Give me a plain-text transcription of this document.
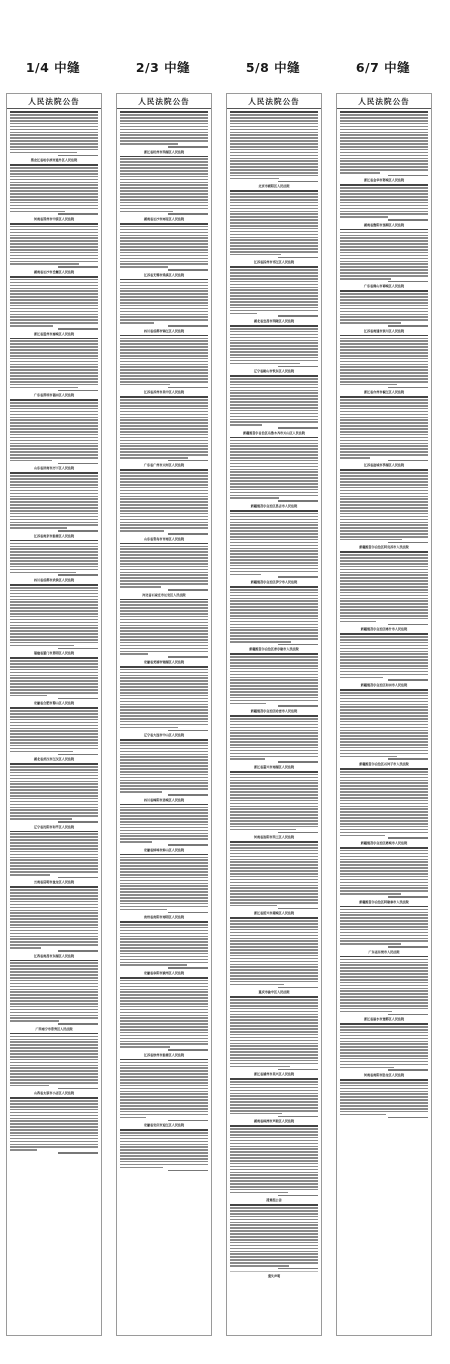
1/4 中缝	2/3 中缝	5/8 中缝	6/7 中缝
人民法院公告
黑龙江省哈尔滨市道外区人民法院
河南省郑州市中原区人民法院
湖南省长沙市岳麓区人民法院
浙江省温州市鹿城区人民法院
广东省深圳市福田区人民法院
山东省济南市历下区人民法院
江苏省南京市鼓楼区人民法院
四川省成都市武侯区人民法院
福建省厦门市思明区人民法院
安徽省合肥市蜀山区人民法院
湖北省武汉市江汉区人民法院
辽宁省沈阳市和平区人民法院
云南省昆明市盘龙区人民法院
江西省南昌市东湖区人民法院
广西南宁市青秀区人民法院
山西省太原市小店区人民法院
人民法院公告
浙江省杭州市西湖区人民法院
湖南省长沙市雨花区人民法院
江苏省无锡市梁溪区人民法院
四川省成都市锦江区人民法院
江苏省苏州市吴中区人民法院
广东省广州市天河区人民法院
山东省青岛市市南区人民法院
河北省石家庄市长安区人民法院
安徽省芜湖市镜湖区人民法院
辽宁省大连市中山区人民法院
四川省绵阳市涪城区人民法院
安徽省蚌埠市蚌山区人民法院
贵州省贵阳市南明区人民法院
安徽省阜阳市颍州区人民法院
江苏省徐州市鼓楼区人民法院
安徽省安庆市迎江区人民法院
人民法院公告
北京市朝阳区人民法院
江苏省扬州市邗江区人民法院
湖北省宜昌市西陵区人民法院
辽宁省鞍山市铁东区人民法院
新疆维吾尔自治区乌鲁木齐市天山区人民法院
新疆维吾尔自治区昌吉市人民法院
新疆维吾尔自治区伊宁市人民法院
新疆维吾尔自治区库尔勒市人民法院
新疆维吾尔自治区哈密市人民法院
浙江省嘉兴市南湖区人民法院
河南省洛阳市西工区人民法院
浙江省绍兴市越城区人民法院
重庆市渝中区人民法院
浙江省湖州市吴兴区人民法院
湖南省株洲市芦淞区人民法院
清算组公告
遗失声明
人民法院公告
浙江省金华市婺城区人民法院
湖南省衡阳市蒸湘区人民法院
广东省佛山市禅城区人民法院
江苏省南通市崇川区人民法院
浙江省台州市椒江区人民法院
江苏省盐城市亭湖区人民法院
新疆维吾尔自治区阿克苏市人民法院
新疆维吾尔自治区喀什市人民法院
新疆维吾尔自治区和田市人民法院
新疆维吾尔自治区石河子市人民法院
新疆维吾尔自治区塔城市人民法院
新疆维吾尔自治区阿勒泰市人民法院
广东省东莞市人民法院
浙江省丽水市莲都区人民法院
河南省南阳市卧龙区人民法院
